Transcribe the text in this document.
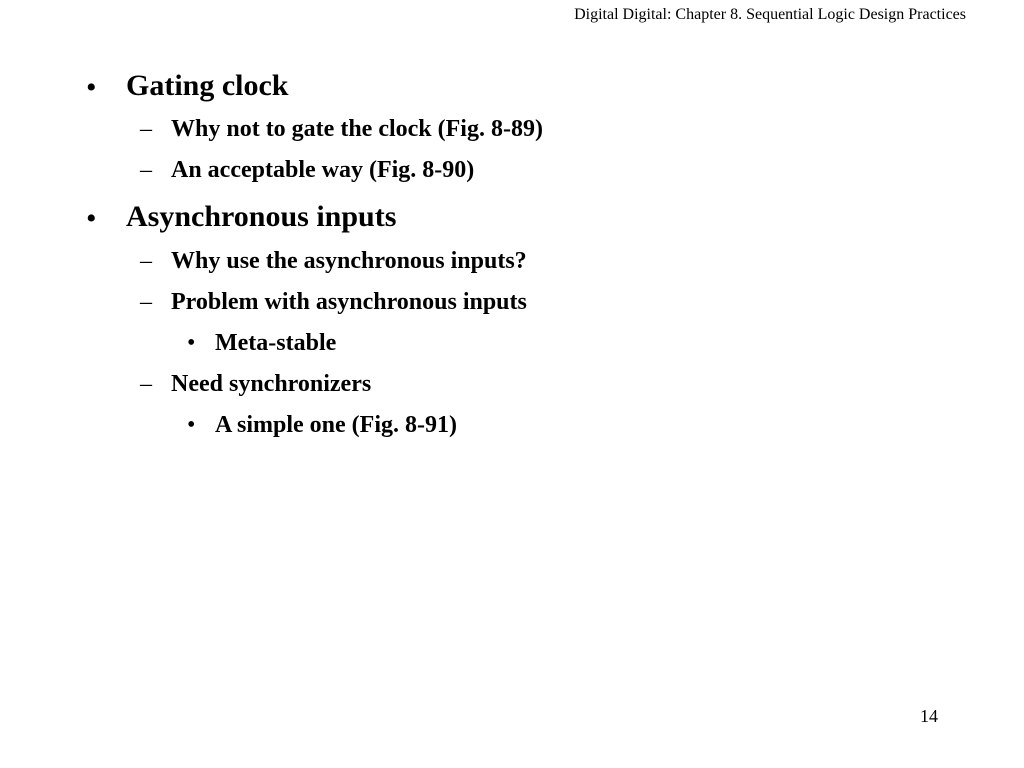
Digital Digital: Chapter 8. Sequential Logic Design Practices
• Gating clock
– Why not to gate the clock (Fig. 8-89)
– An acceptable way (Fig. 8-90)
• Asynchronous inputs
– Why use the asynchronous inputs?
– Problem with asynchronous inputs
• Meta-stable
– Need synchronizers
• A simple one (Fig. 8-91)
14
